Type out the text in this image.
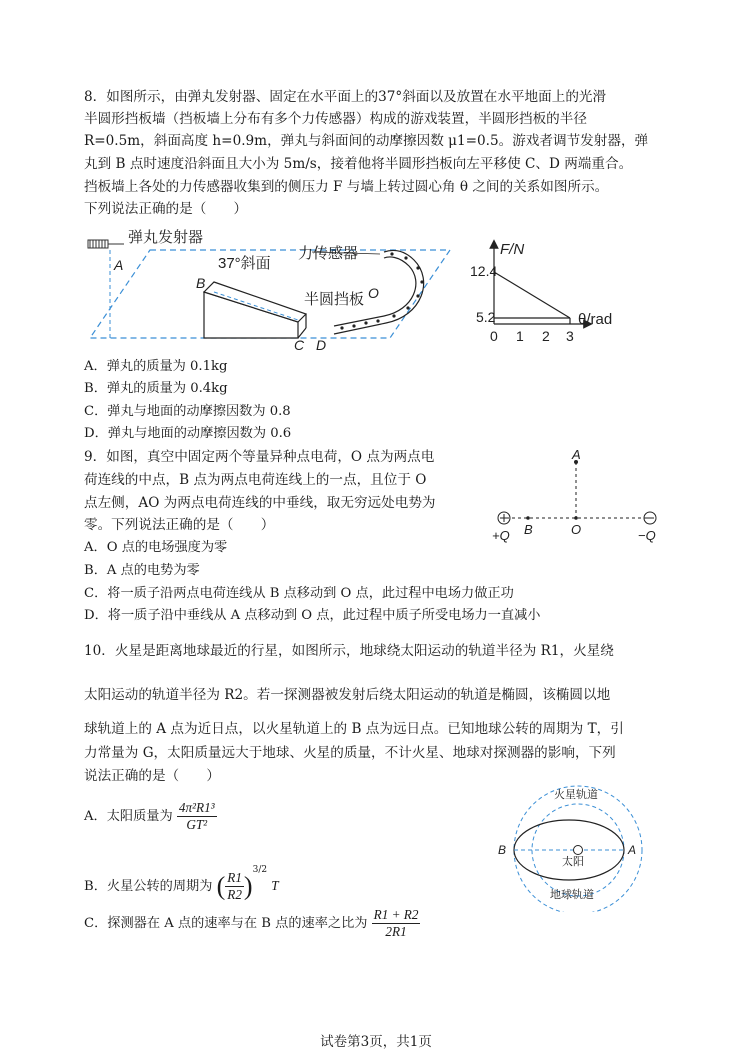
8．如图所示，由弹丸发射器、固定在水平面上的37°斜面以及放置在水平地面上的光滑
半圆形挡板墙（挡板墙上分布有多个力传感器）构成的游戏装置，半圆形挡板的半径
R=0.5m，斜面高度 h=0.9m，弹丸与斜面间的动摩擦因数 μ1=0.5。游戏者调节发射器，弹
丸到 B 点时速度沿斜面且大小为 5m/s，接着他将半圆形挡板向左平移使 C、D 两端重合。
挡板墙上各处的力传感器收集到的侧压力 F 与墙上转过圆心角 θ 之间的关系如图所示。
下列说法正确的是（　　）
弹丸发射器
A
B
37°斜面
C D
力传感器
半圆挡板 O
F/N
θ/rad
12.4
5.2
0 1 2 3
A．弹丸的质量为 0.1kg
B．弹丸的质量为 0.4kg
C．弹丸与地面的动摩擦因数为 0.8
D．弹丸与地面的动摩擦因数为 0.6
9．如图，真空中固定两个等量异种点电荷，O 点为两点电
荷连线的中点，B 点为两点电荷连线上的一点，且位于 O
点左侧，AO 为两点电荷连线的中垂线，取无穷远处电势为
零。下列说法正确的是（　　）
A
B	O
+Q	−Q
A．O 点的电场强度为零
B．A 点的电势为零
C．将一质子沿两点电荷连线从 B 点移动到 O 点，此过程中电场力做正功
D．将一质子沿中垂线从 A 点移动到 O 点，此过程中质子所受电场力一直减小
10．火星是距离地球最近的行星，如图所示，地球绕太阳运动的轨道半径为 R1，火星绕
太阳运动的轨道半径为 R2。若一探测器被发射后绕太阳运动的轨道是椭圆，该椭圆以地
球轨道上的 A 点为近日点，以火星轨道上的 B 点为远日点。已知地球公转的周期为 T，引
力常量为 G，太阳质量远大于地球、火星的质量，不计火星、地球对探测器的影响，下列
说法正确的是（　　）
A．太阳质量为 $\frac{\text{4π²R1³}}{\text{GT²}}$
B．火星公转的周期为 ( $\frac{R1}{R2} )^{3/2}$ T
C．探测器在 A 点的速率与在 B 点的速率之比为 $\frac{R1 + R2}{2R1}$
太阳
B	A
火星轨道
地球轨道
试卷第3页，共1页
